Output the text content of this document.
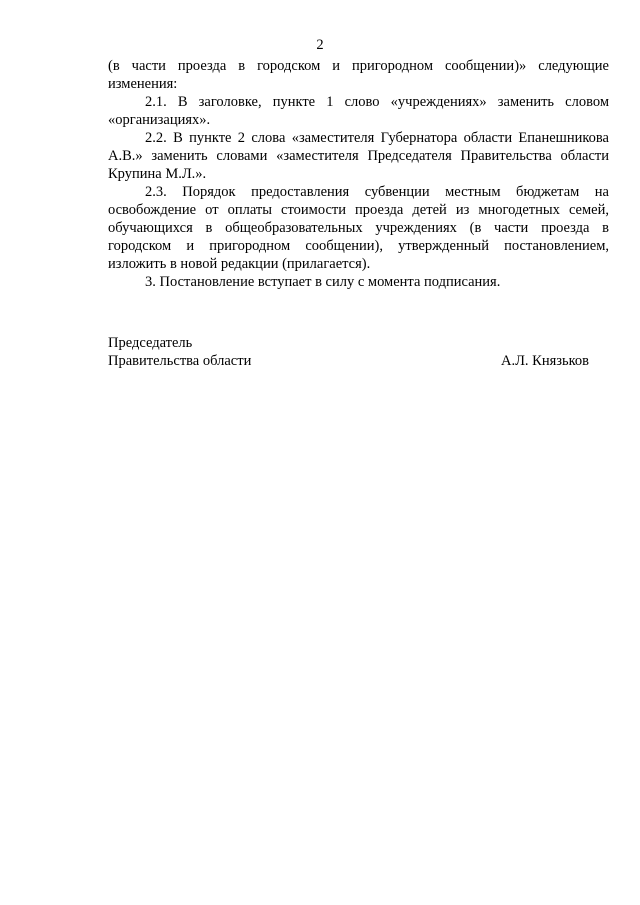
2

(в части проезда в городском и пригородном сообщении)» следующие изменения:

2.1. В заголовке, пункте 1 слово «учреждениях» заменить словом «организациях».

2.2. В пункте 2 слова «заместителя Губернатора области Епанешникова А.В.» заменить словами «заместителя Председателя Правительства области Крупина М.Л.».

2.3. Порядок предоставления субвенции местным бюджетам на освобождение от оплаты стоимости проезда детей из многодетных семей, обучающихся в общеобразовательных учреждениях (в части проезда в городском и пригородном сообщении), утвержденный постановлением, изложить в новой редакции (прилагается).

3. Постановление вступает в силу с момента подписания.

Председатель
Правительства области	А.Л. Князьков
